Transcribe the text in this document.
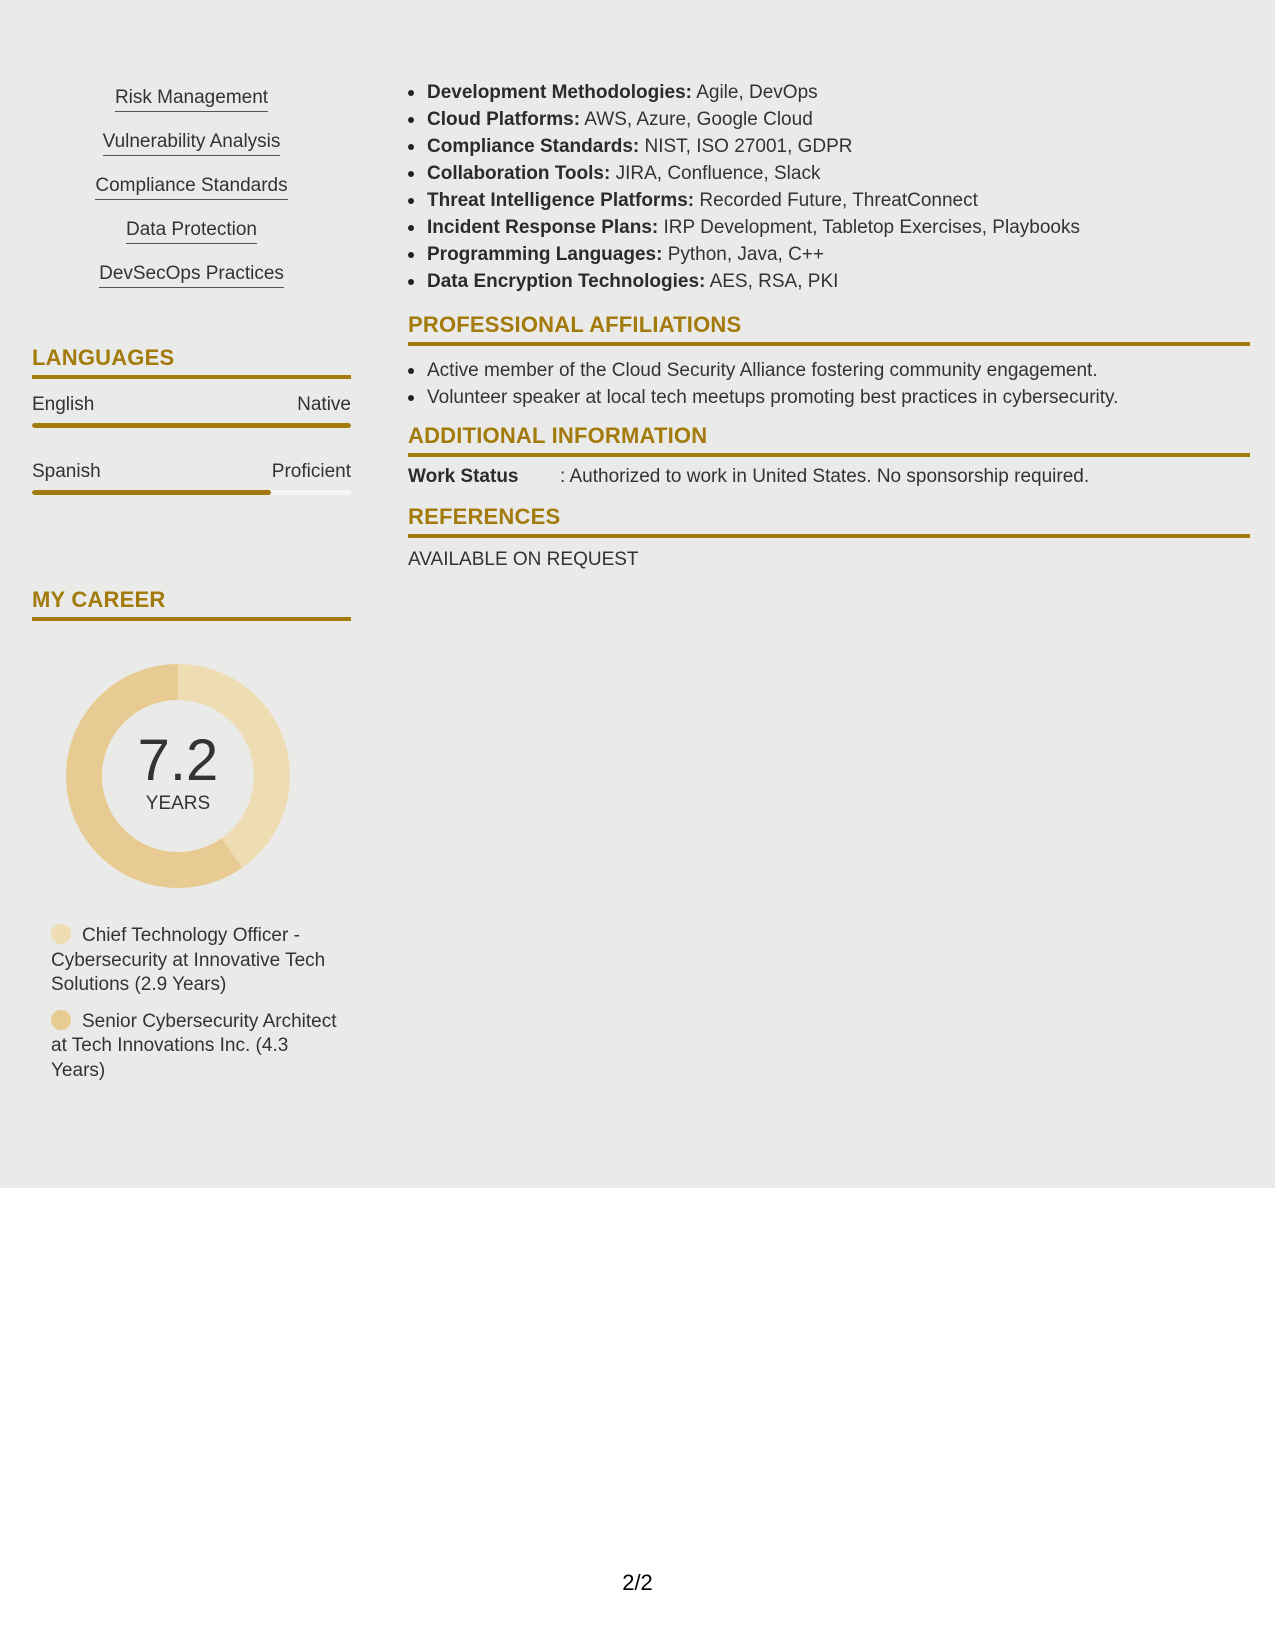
Risk Management
Vulnerability Analysis
Compliance Standards
Data Protection
DevSecOps Practices
LANGUAGES
English	Native
Spanish	Proficient
MY CAREER
7.2
YEARS
Chief Technology Officer - Cybersecurity at Innovative Tech Solutions (2.9 Years)
Senior Cybersecurity Architect at Tech Innovations Inc. (4.3 Years)
Development Methodologies: Agile, DevOps
Cloud Platforms: AWS, Azure, Google Cloud
Compliance Standards: NIST, ISO 27001, GDPR
Collaboration Tools: JIRA, Confluence, Slack
Threat Intelligence Platforms: Recorded Future, ThreatConnect
Incident Response Plans: IRP Development, Tabletop Exercises, Playbooks
Programming Languages: Python, Java, C++
Data Encryption Technologies: AES, RSA, PKI
PROFESSIONAL AFFILIATIONS
Active member of the Cloud Security Alliance fostering community engagement.
Volunteer speaker at local tech meetups promoting best practices in cybersecurity.
ADDITIONAL INFORMATION
Work Status	: Authorized to work in United States. No sponsorship required.
REFERENCES
AVAILABLE ON REQUEST
2/2
